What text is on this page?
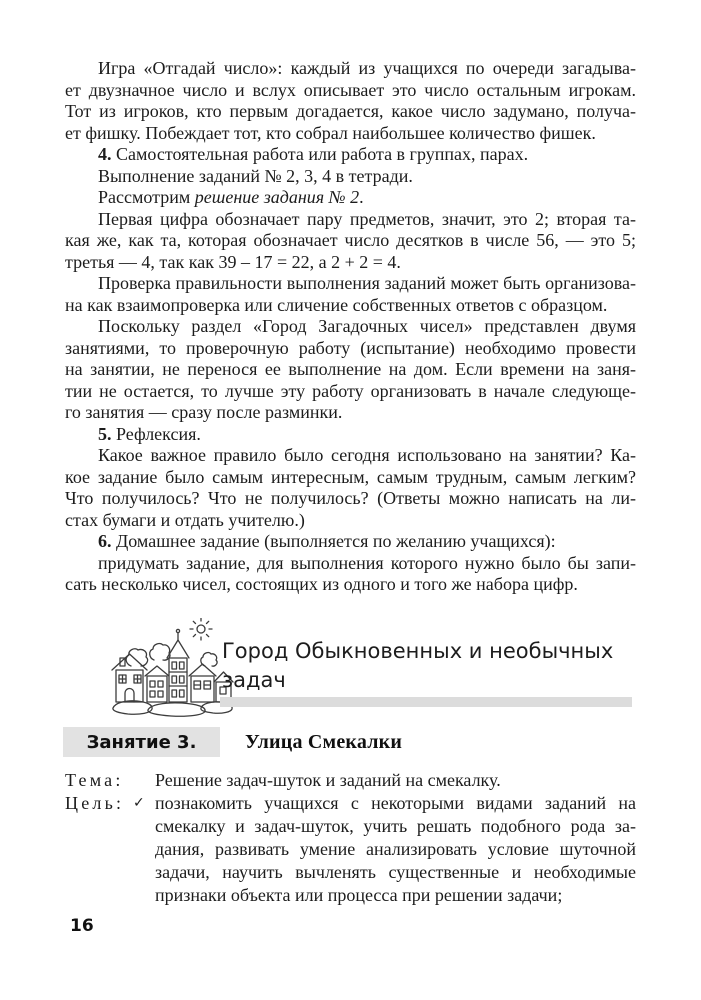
Игра «Отгадай число»: каждый из учащихся по очереди загадыва-
ет двузначное число и вслух описывает это число остальным игрокам.
Тот из игроков, кто первым догадается, какое число задумано, получа-
ет фишку. Побеждает тот, кто собрал наибольшее количество фишек.
4. Самостоятельная работа или работа в группах, парах.
Выполнение заданий № 2, 3, 4 в тетради.
Рассмотрим решение задания № 2.
Первая цифра обозначает пару предметов, значит, это 2; вторая та-
кая же, как та, которая обозначает число десятков в числе 56, — это 5;
третья — 4, так как 39 – 17 = 22, а 2 + 2 = 4.
Проверка правильности выполнения заданий может быть организова-
на как взаимопроверка или сличение собственных ответов с образцом.
Поскольку раздел «Город Загадочных чисел» представлен двумя
занятиями, то проверочную работу (испытание) необходимо провести
на занятии, не перенося ее выполнение на дом. Если времени на заня-
тии не остается, то лучше эту работу организовать в начале следующе-
го занятия — сразу после разминки.
5. Рефлексия.
Какое важное правило было сегодня использовано на занятии? Ка-
кое задание было самым интересным, самым трудным, самым легким?
Что получилось? Что не получилось? (Ответы можно написать на ли-
стах бумаги и отдать учителю.)
6. Домашнее задание (выполняется по желанию учащихся):
придумать задание, для выполнения которого нужно было бы запи-
сать несколько чисел, состоящих из одного и того же набора цифр.
Город Обыкновенных и необычных
задач
Занятие 3. Улица Смекалки
Тема:	Решение задач-шуток и заданий на смекалку.
Цель: ✓ познакомить учащихся с некоторыми видами заданий на
смекалку и задач-шуток, учить решать подобного рода за-
дания, развивать умение анализировать условие шуточной
задачи, научить вычленять существенные и необходимые
признаки объекта или процесса при решении задачи;
16
